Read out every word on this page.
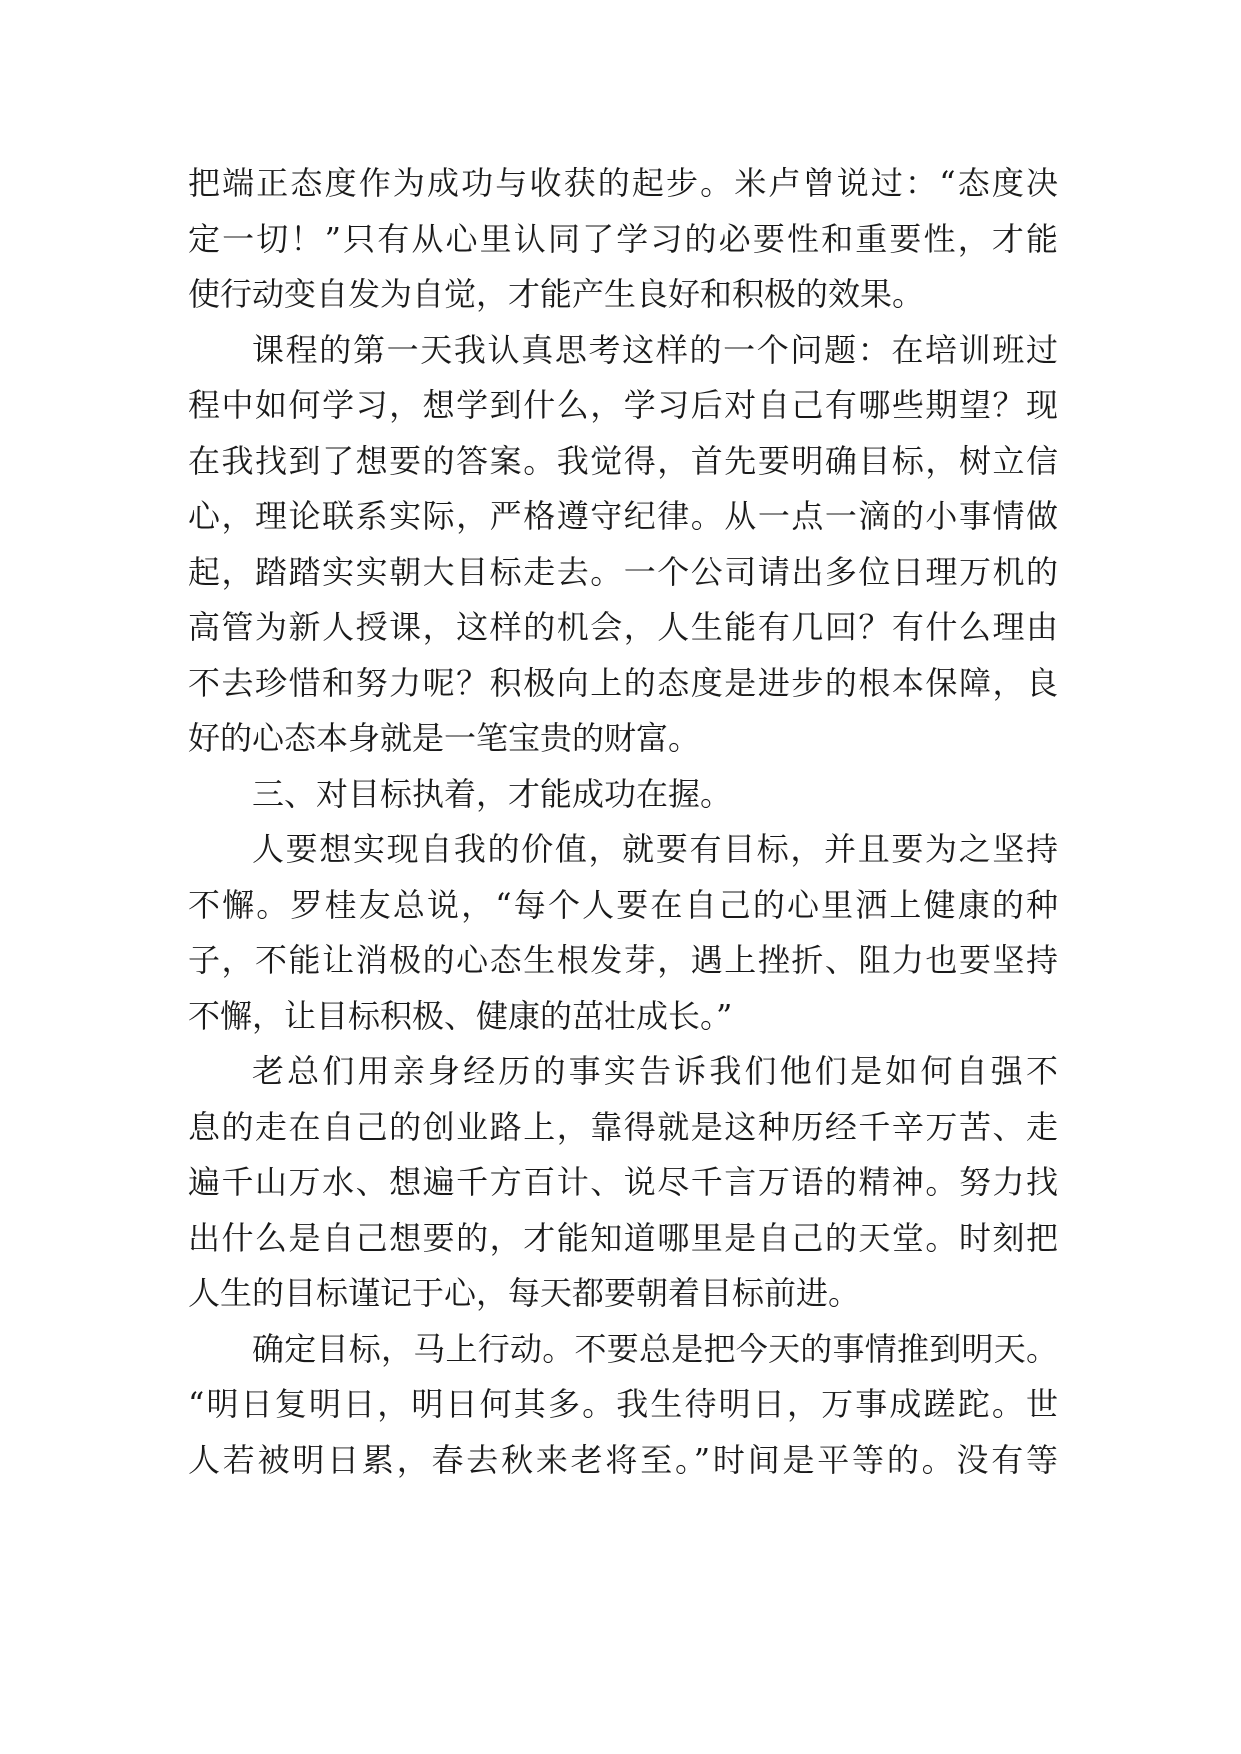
把端正态度作为成功与收获的起步。米卢曾说过：“态度决
定一切！”只有从心里认同了学习的必要性和重要性，才能
使行动变自发为自觉，才能产生良好和积极的效果。
课程的第一天我认真思考这样的一个问题：在培训班过
程中如何学习，想学到什么，学习后对自己有哪些期望？现
在我找到了想要的答案。我觉得，首先要明确目标，树立信
心，理论联系实际，严格遵守纪律。从一点一滴的小事情做
起，踏踏实实朝大目标走去。一个公司请出多位日理万机的
高管为新人授课，这样的机会，人生能有几回？有什么理由
不去珍惜和努力呢？积极向上的态度是进步的根本保障，良
好的心态本身就是一笔宝贵的财富。
三、对目标执着，才能成功在握。
人要想实现自我的价值，就要有目标，并且要为之坚持
不懈。罗桂友总说，“每个人要在自己的心里洒上健康的种
子，不能让消极的心态生根发芽，遇上挫折、阻力也要坚持
不懈，让目标积极、健康的茁壮成长。”
老总们用亲身经历的事实告诉我们他们是如何自强不
息的走在自己的创业路上，靠得就是这种历经千辛万苦、走
遍千山万水、想遍千方百计、说尽千言万语的精神。努力找
出什么是自己想要的，才能知道哪里是自己的天堂。时刻把
人生的目标谨记于心，每天都要朝着目标前进。
确定目标，马上行动。不要总是把今天的事情推到明天。
“明日复明日，明日何其多。我生待明日，万事成蹉跎。世
人若被明日累，春去秋来老将至。”时间是平等的。没有等
